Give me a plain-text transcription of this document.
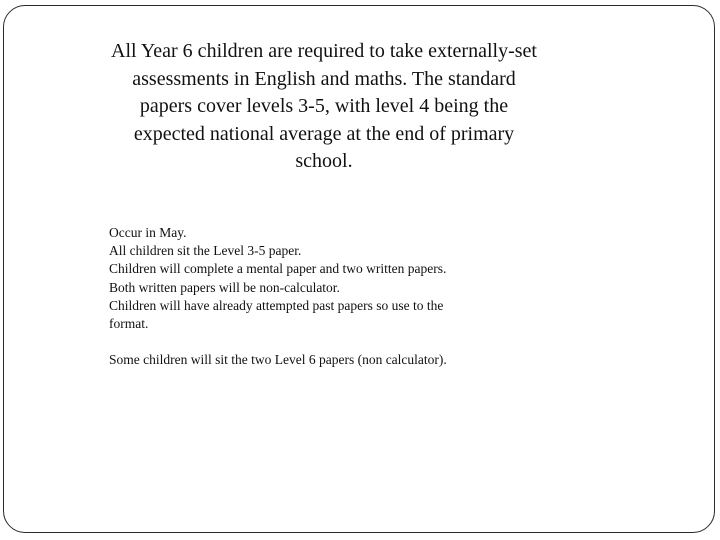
All Year 6 children are required to take externally-set assessments in English and maths. The standard papers cover levels 3-5, with level 4 being the expected national average at the end of primary school.

Occur in May.
All children sit the Level 3-5 paper.
Children will complete a mental paper and two written papers.
Both written papers will be non-calculator.
Children will have already attempted past papers so use to the format.
Some children will sit the two Level 6 papers (non calculator).
